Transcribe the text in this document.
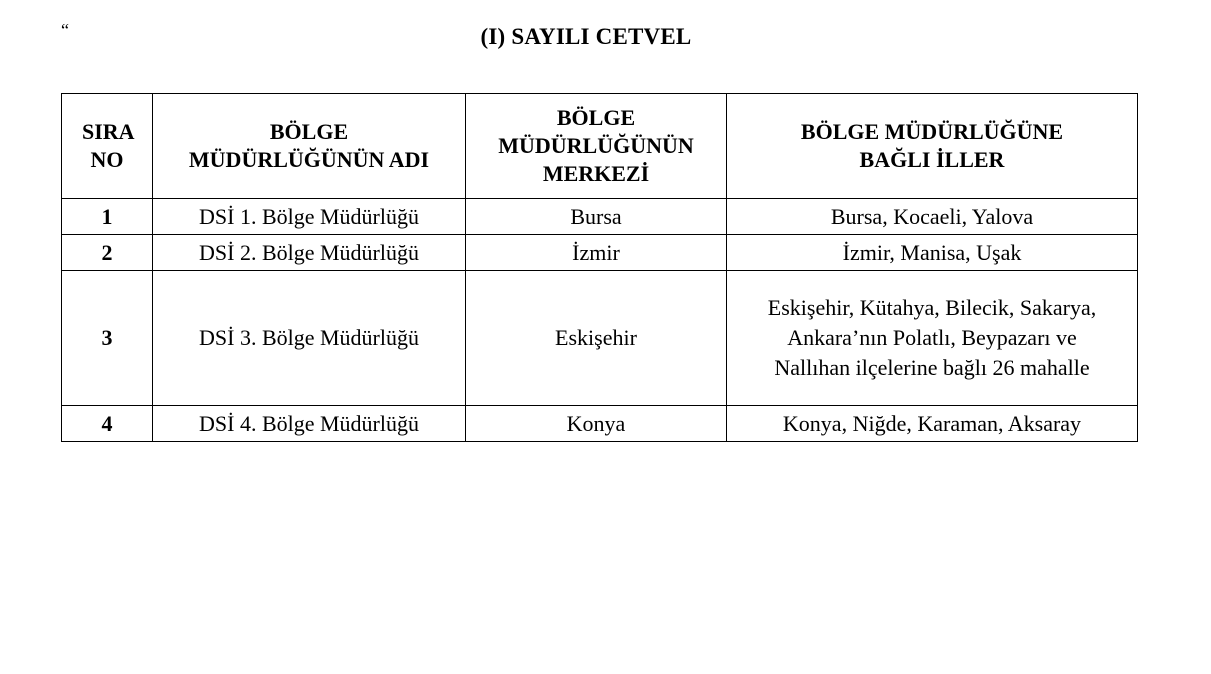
“	(I) SAYILI CETVEL
SIRA NO	BÖLGE MÜDÜRLÜĞÜNÜN ADI	BÖLGE MÜDÜRLÜĞÜNÜN MERKEZİ	BÖLGE MÜDÜRLÜĞÜNE BAĞLI İLLER
1	DSİ 1. Bölge Müdürlüğü	Bursa	Bursa, Kocaeli, Yalova
2	DSİ 2. Bölge Müdürlüğü	İzmir	İzmir, Manisa, Uşak
3	DSİ 3. Bölge Müdürlüğü	Eskişehir	Eskişehir, Kütahya, Bilecik, Sakarya, Ankara’nın Polatlı, Beypazarı ve Nallıhan ilçelerine bağlı 26 mahalle
4	DSİ 4. Bölge Müdürlüğü	Konya	Konya, Niğde, Karaman, Aksaray
